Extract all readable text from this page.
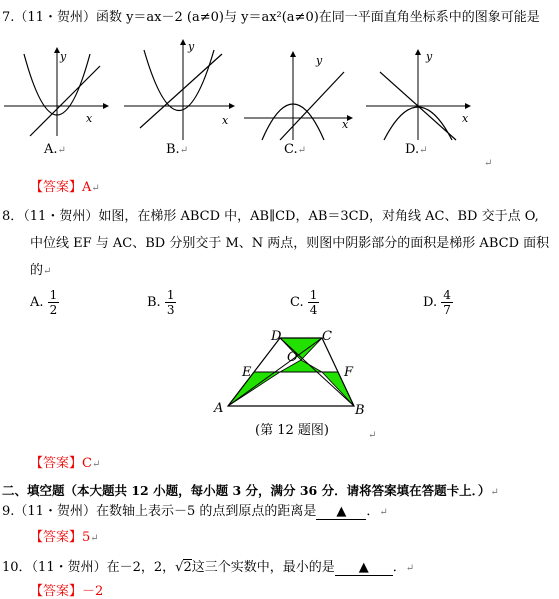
7.（11・贺州）函数 y＝ax－2 (a≠0)与 y＝ax²(a≠0)在同一平面直角坐标系中的图象可能是
y
x
y
x
y
x
y
x
A.↵	B.↵	C.↵	D.↵
↵
【答案】A↵
8．（11・贺州）如图，在梯形 ABCD 中，AB∥CD，AB＝3CD，对角线 AC、BD 交于点 O,
中位线 EF 与 AC、BD 分别交于 M、N 两点，则图中阴影部分的面积是梯形 ABCD 面积
的↵
A. $\frac{1}{2}$	B. $\frac{1}{3}$	C. $\frac{1}{4}$	D. $\frac{4}{7}$
D	C
O
E	F
A	B
(第 12 题图)	↵
【答案】C↵
二、填空题（本大题共 12 小题，每小题 3 分，满分 36 分．请将答案填在答题卡上．）↵
9.（11・贺州）在数轴上表示－5 的点到原点的距离是 ▲ ．↵
【答案】5↵
10．（11・贺州）在－2，2，√2这三个实数中，最小的是 ▲ ．↵
【答案】－2
